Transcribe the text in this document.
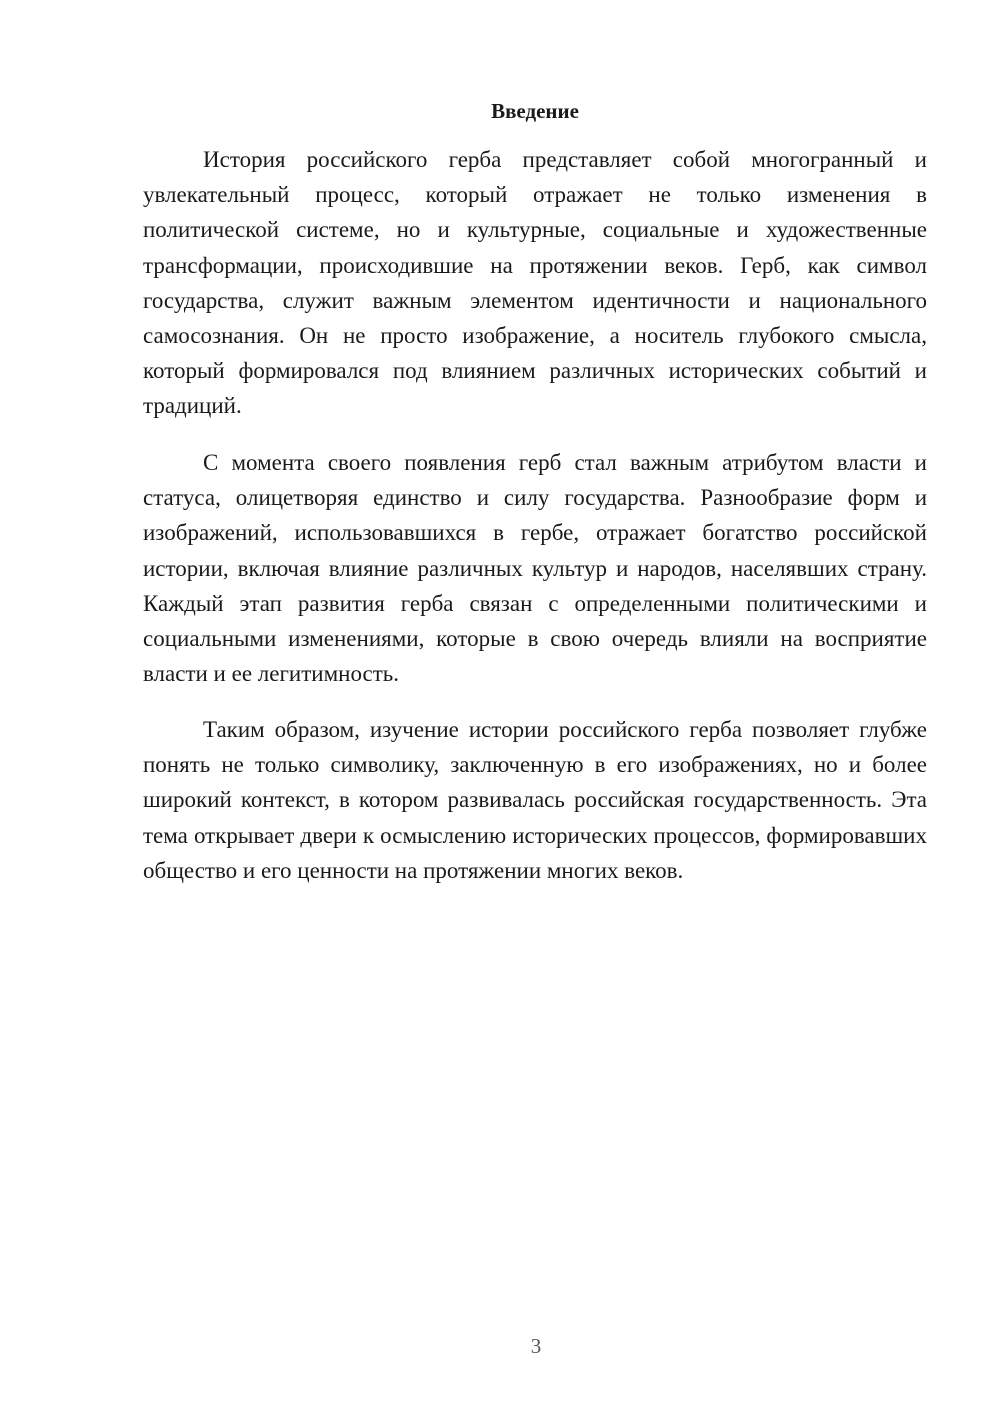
Введение

История российского герба представляет собой многогранный и увлекательный процесс, который отражает не только изменения в политической системе, но и культурные, социальные и художественные трансформации, происходившие на протяжении веков. Герб, как символ государства, служит важным элементом идентичности и национального самосознания. Он не просто изображение, а носитель глубокого смысла, который формировался под влиянием различных исторических событий и традиций.

С момента своего появления герб стал важным атрибутом власти и статуса, олицетворяя единство и силу государства. Разнообразие форм и изображений, использовавшихся в гербе, отражает богатство российской истории, включая влияние различных культур и народов, населявших страну. Каждый этап развития герба связан с определенными политическими и социальными изменениями, которые в свою очередь влияли на восприятие власти и ее легитимность.

Таким образом, изучение истории российского герба позволяет глубже понять не только символику, заключенную в его изображениях, но и более широкий контекст, в котором развивалась российская государственность. Эта тема открывает двери к осмыслению исторических процессов, формировавших общество и его ценности на протяжении многих веков.

3
